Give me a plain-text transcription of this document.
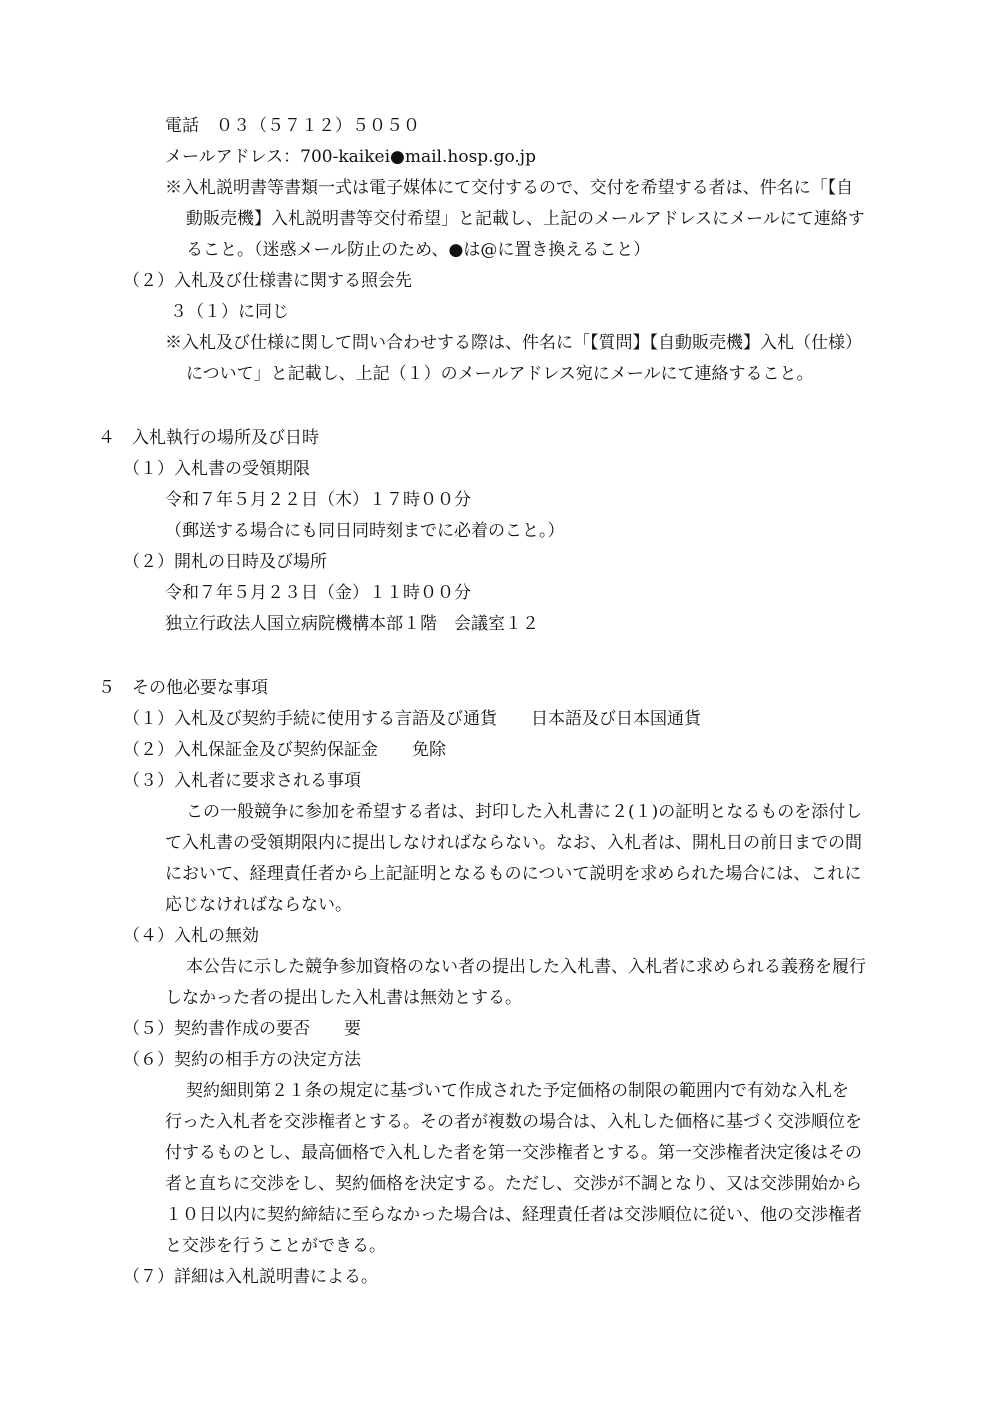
電話　０３（５７１２）５０５０
メールアドレス：700-kaikei●mail.hosp.go.jp
※入札説明書等書類一式は電子媒体にて交付するので、交付を希望する者は、件名に「【自
動販売機】入札説明書等交付希望」と記載し、上記のメールアドレスにメールにて連絡す
ること。（迷惑メール防止のため、●は@に置き換えること）
（２）入札及び仕様書に関する照会先
３（１）に同じ
※入札及び仕様に関して問い合わせする際は、件名に「【質問】【自動販売機】入札（仕様）
について」と記載し、上記（１）のメールアドレス宛にメールにて連絡すること。
４　入札執行の場所及び日時
（１）入札書の受領期限
令和７年５月２２日（木）１７時００分
（郵送する場合にも同日同時刻までに必着のこと。）
（２）開札の日時及び場所
令和７年５月２３日（金）１１時００分
独立行政法人国立病院機構本部１階　会議室１２
５　その他必要な事項
（１）入札及び契約手続に使用する言語及び通貨　　日本語及び日本国通貨
（２）入札保証金及び契約保証金　　免除
（３）入札者に要求される事項
この一般競争に参加を希望する者は、封印した入札書に２(１)の証明となるものを添付し
て入札書の受領期限内に提出しなければならない。なお、入札者は、開札日の前日までの間
において、経理責任者から上記証明となるものについて説明を求められた場合には、これに
応じなければならない。
（４）入札の無効
本公告に示した競争参加資格のない者の提出した入札書、入札者に求められる義務を履行
しなかった者の提出した入札書は無効とする。
（５）契約書作成の要否　　要
（６）契約の相手方の決定方法
契約細則第２１条の規定に基づいて作成された予定価格の制限の範囲内で有効な入札を
行った入札者を交渉権者とする。その者が複数の場合は、入札した価格に基づく交渉順位を
付するものとし、最高価格で入札した者を第一交渉権者とする。第一交渉権者決定後はその
者と直ちに交渉をし、契約価格を決定する。ただし、交渉が不調となり、又は交渉開始から
１０日以内に契約締結に至らなかった場合は、経理責任者は交渉順位に従い、他の交渉権者
と交渉を行うことができる。
（７）詳細は入札説明書による。
